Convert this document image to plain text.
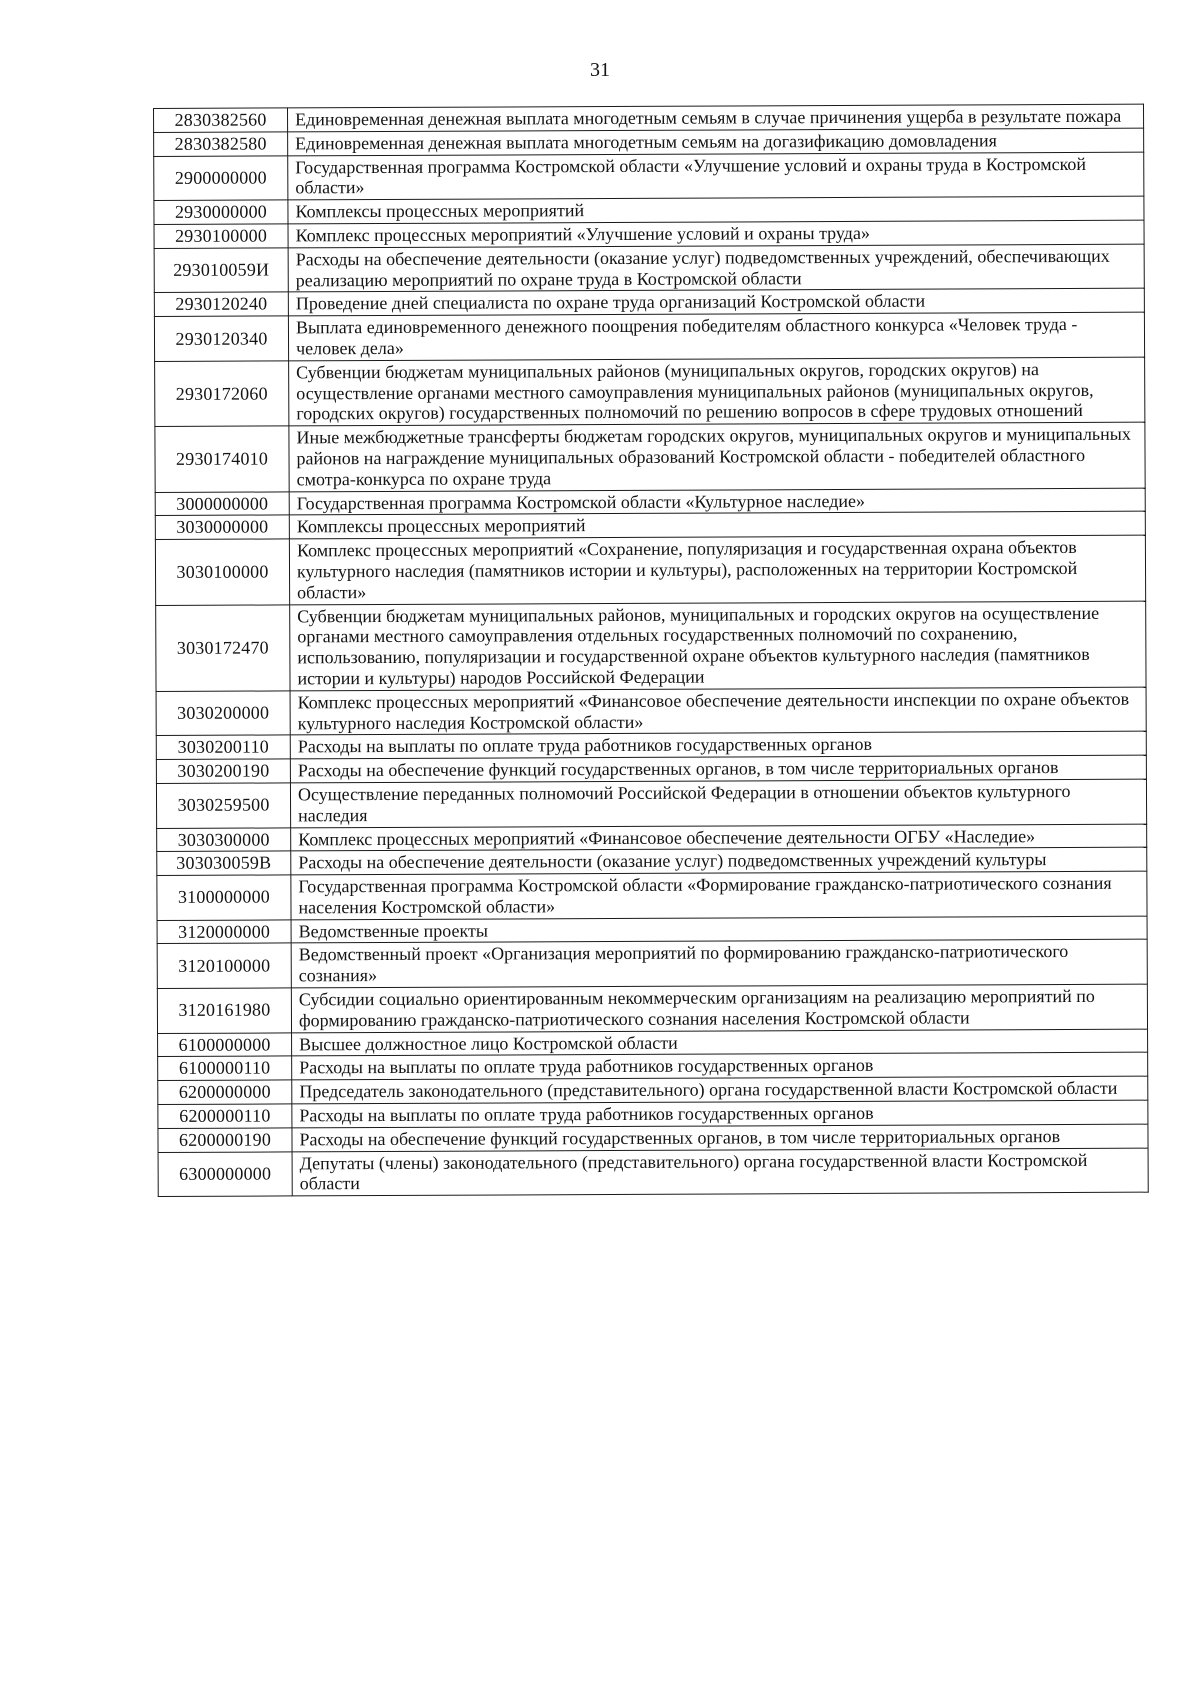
31
2830382560	Единовременная денежная выплата многодетным семьям в случае причинения ущерба в результате пожара
2830382580	Единовременная денежная выплата многодетным семьям на догазификацию домовладения
2900000000	Государственная программа Костромской области «Улучшение условий и охраны труда в Костромской области»
2930000000	Комплексы процессных мероприятий
2930100000	Комплекс процессных мероприятий «Улучшение условий и охраны труда»
293010059И	Расходы на обеспечение деятельности (оказание услуг) подведомственных учреждений, обеспечивающих реализацию мероприятий по охране труда в Костромской области
2930120240	Проведение дней специалиста по охране труда организаций Костромской области
2930120340	Выплата единовременного денежного поощрения победителям областного конкурса «Человек труда - человек дела»
2930172060	Субвенции бюджетам муниципальных районов (муниципальных округов, городских округов) на осуществление органами местного самоуправления муниципальных районов (муниципальных округов, городских округов) государственных полномочий по решению вопросов в сфере трудовых отношений
2930174010	Иные межбюджетные трансферты бюджетам городских округов, муниципальных округов и муниципальных районов на награждение муниципальных образований Костромской области - победителей областного смотра-конкурса по охране труда
3000000000	Государственная программа Костромской области «Культурное наследие»
3030000000	Комплексы процессных мероприятий
3030100000	Комплекс процессных мероприятий «Сохранение, популяризация и государственная охрана объектов культурного наследия (памятников истории и культуры), расположенных на территории Костромской области»
3030172470	Субвенции бюджетам муниципальных районов, муниципальных и городских округов на осуществление органами местного самоуправления отдельных государственных полномочий по сохранению, использованию, популяризации и государственной охране объектов культурного наследия (памятников истории и культуры) народов Российской Федерации
3030200000	Комплекс процессных мероприятий «Финансовое обеспечение деятельности инспекции по охране объектов культурного наследия Костромской области»
3030200110	Расходы на выплаты по оплате труда работников государственных органов
3030200190	Расходы на обеспечение функций государственных органов, в том числе территориальных органов
3030259500	Осуществление переданных полномочий Российской Федерации в отношении объектов культурного наследия
3030300000	Комплекс процессных мероприятий «Финансовое обеспечение деятельности ОГБУ «Наследие»
303030059В	Расходы на обеспечение деятельности (оказание услуг) подведомственных учреждений культуры
3100000000	Государственная программа Костромской области «Формирование гражданско-патриотического сознания населения Костромской области»
3120000000	Ведомственные проекты
3120100000	Ведомственный проект «Организация мероприятий по формированию гражданско-патриотического сознания»
3120161980	Субсидии социально ориентированным некоммерческим организациям на реализацию мероприятий по формированию гражданско-патриотического сознания населения Костромской области
6100000000	Высшее должностное лицо Костромской области
6100000110	Расходы на выплаты по оплате труда работников государственных органов
6200000000	Председатель законодательного (представительного) органа государственной власти Костромской области
6200000110	Расходы на выплаты по оплате труда работников государственных органов
6200000190	Расходы на обеспечение функций государственных органов, в том числе территориальных органов
6300000000	Депутаты (члены) законодательного (представительного) органа государственной власти Костромской области
